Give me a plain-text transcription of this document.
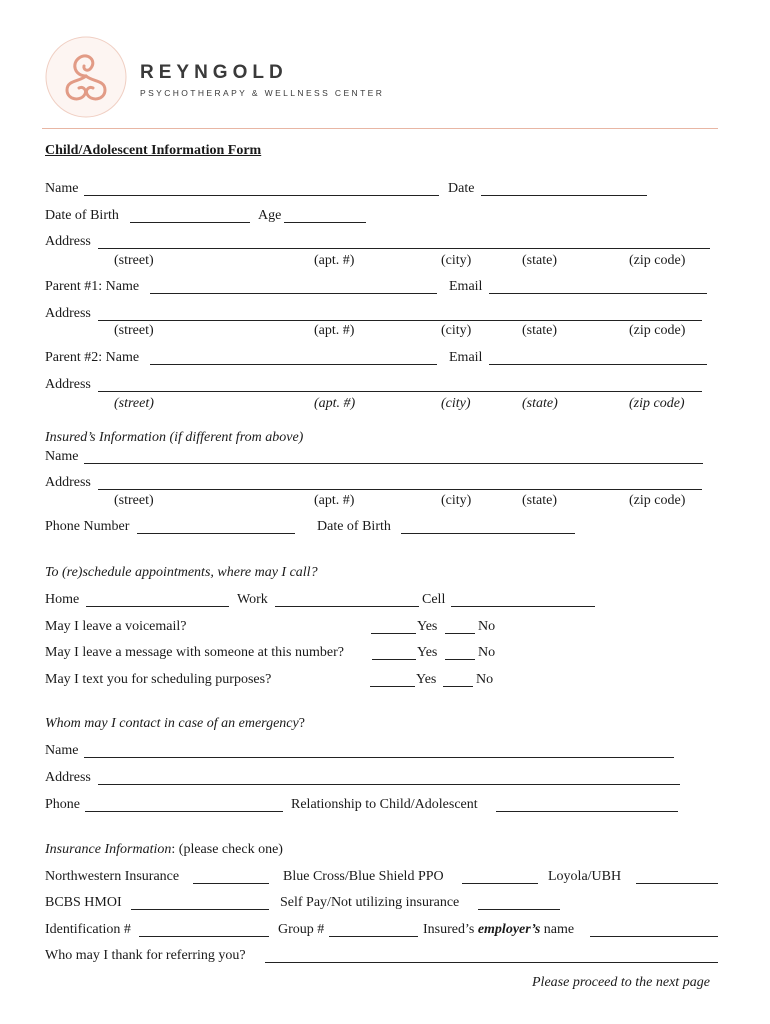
REYNGOLD
PSYCHOTHERAPY & WELLNESS CENTER
Child/Adolescent Information Form
Name	Date
Date of Birth	Age
Address
(street)	(apt. #)	(city)	(state)	(zip code)
Parent #1: Name	Email
Address
(street)	(apt. #)	(city)	(state)	(zip code)
Parent #2: Name	Email
Address
(street)	(apt. #)	(city)	(state)	(zip code)
Insured’s Information (if different from above)
Name
Address
(street)	(apt. #)	(city)	(state)	(zip code)
Phone Number	Date of Birth
To (re)schedule appointments, where may I call?
Home	Work	Cell
May I leave a voicemail?	Yes	No
May I leave a message with someone at this number?	Yes	No
May I text you for scheduling purposes?	Yes	No
Whom may I contact in case of an emergency?
Name
Address
Phone	Relationship to Child/Adolescent
Insurance Information: (please check one)
Northwestern Insurance	Blue Cross/Blue Shield PPO	Loyola/UBH
BCBS HMOI	Self Pay/Not utilizing insurance
Identification #	Group #	Insured’s employer’s name
Who may I thank for referring you?
Please proceed to the next page
